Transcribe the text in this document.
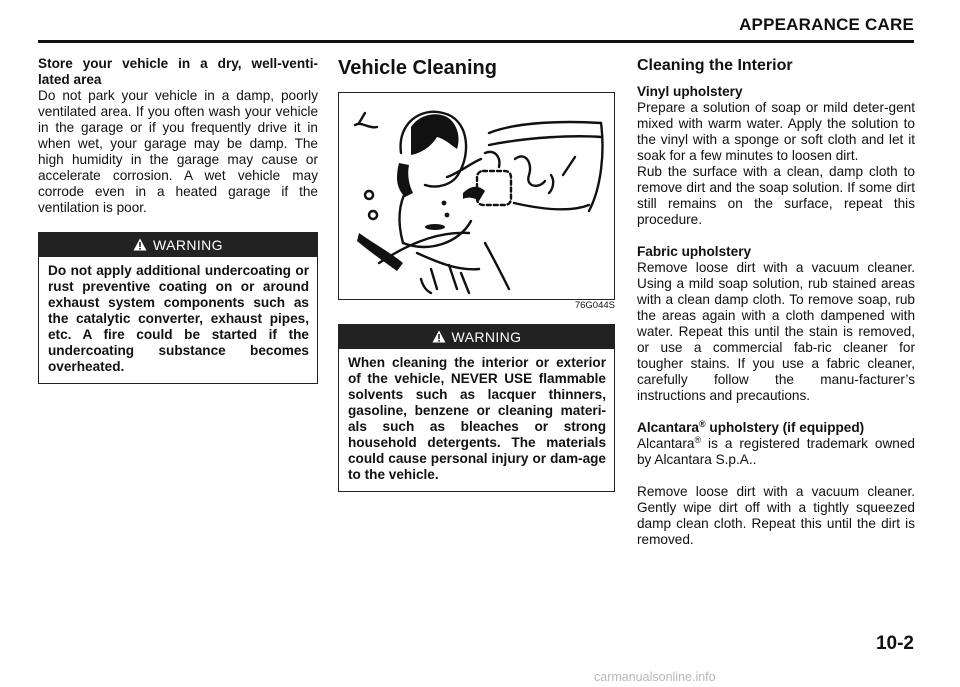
APPEARANCE CARE
Store your vehicle in a dry, well-venti-
lated area

Do not park your vehicle in a damp, poorly ventilated area. If you often wash your vehicle in the garage or if you frequently drive it in when wet, your garage may be damp. The high humidity in the garage may cause or accelerate corrosion. A wet vehicle may corrode even in a heated garage if the ventilation is poor.

WARNING
Do not apply additional undercoating or rust preventive coating on or around exhaust system components such as the catalytic converter, exhaust pipes, etc. A fire could be started if the undercoating substance becomes overheated.
Vehicle Cleaning
76G044S
WARNING
When cleaning the interior or exterior of the vehicle, NEVER USE flammable solvents such as lacquer thinners, gasoline, benzene or cleaning materi-als such as bleaches or strong household detergents. The materials could cause personal injury or dam-age to the vehicle.
Cleaning the Interior
Vinyl upholstery

Prepare a solution of soap or mild deter-gent mixed with warm water. Apply the solution to the vinyl with a sponge or soft cloth and let it soak for a few minutes to loosen dirt.

Rub the surface with a clean, damp cloth to remove dirt and the soap solution. If some dirt still remains on the surface, repeat this procedure.

Fabric upholstery

Remove loose dirt with a vacuum cleaner. Using a mild soap solution, rub stained areas with a clean damp cloth. To remove soap, rub the areas again with a cloth dampened with water. Repeat this until the stain is removed, or use a commercial fab-ric cleaner for tougher stains. If you use a fabric cleaner, carefully follow the manu-facturer’s instructions and precautions.

Alcantara® upholstery (if equipped)

Alcantara® is a registered trademark owned by Alcantara S.p.A..

Remove loose dirt with a vacuum cleaner. Gently wipe dirt off with a tightly squeezed damp clean cloth. Repeat this until the dirt is removed.

10-2
carmanualsonline.info
